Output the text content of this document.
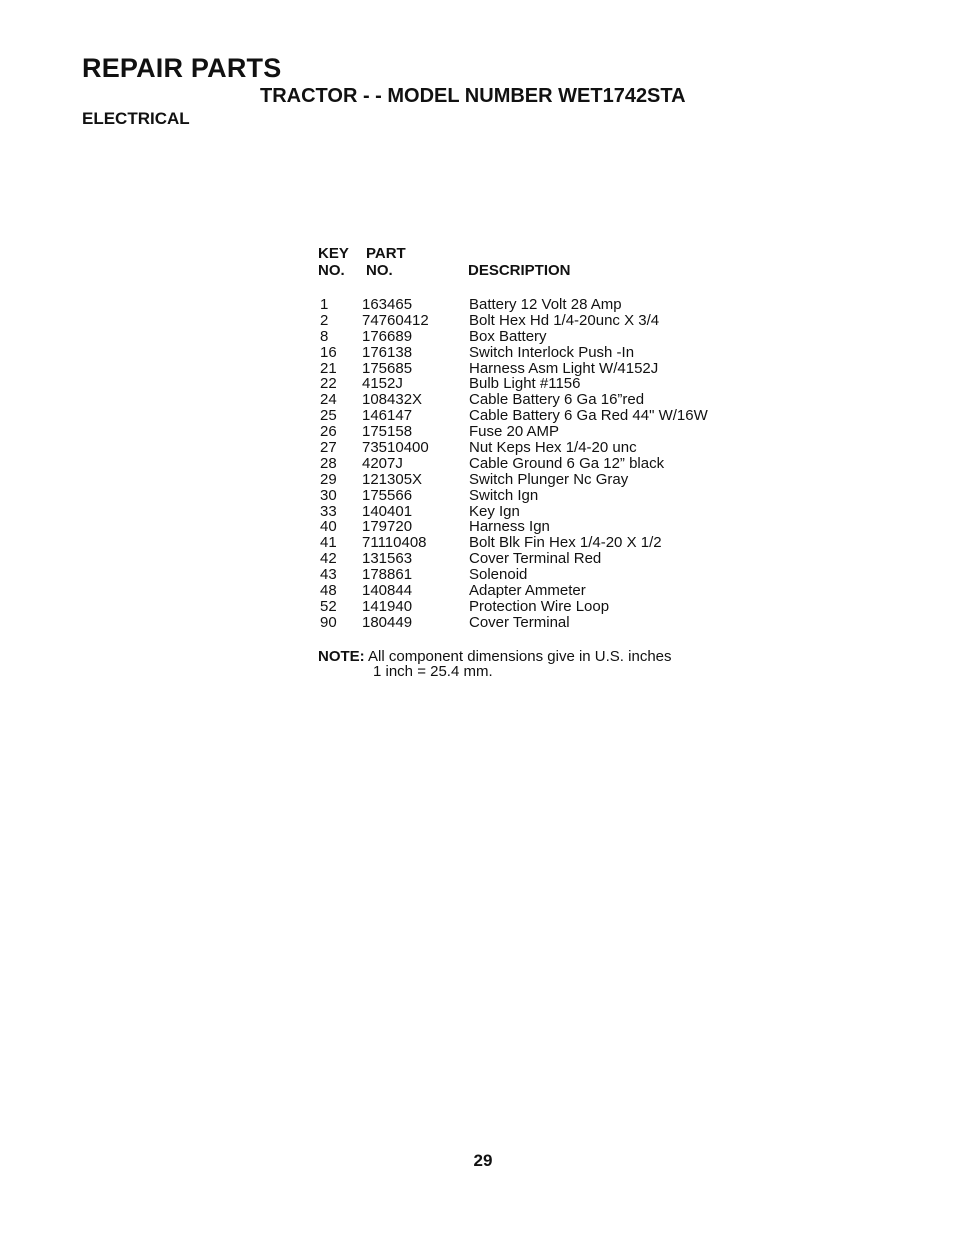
REPAIR PARTS
TRACTOR - - MODEL NUMBER WET1742STA
ELECTRICAL
KEY
NO.
PART
NO.	DESCRIPTION
1 163465	Battery 12 Volt 28 Amp
2 74760412	Bolt Hex Hd 1/4-20unc X 3/4
8 176689	Box Battery
16 176138	Switch Interlock Push -In
21 175685	Harness Asm Light W/4152J
22 4152J	Bulb Light #1156
24 108432X	Cable Battery 6 Ga 16”red
25 146147	Cable Battery 6 Ga Red 44" W/16W
26 175158	Fuse 20 AMP
27 73510400	Nut Keps Hex 1/4-20 unc
28 4207J	Cable Ground 6 Ga 12” black
29 121305X	Switch Plunger Nc Gray
30 175566	Switch Ign
33 140401	Key Ign
40 179720	Harness Ign
41 71110408	Bolt Blk Fin Hex 1/4-20 X 1/2
42 131563	Cover Terminal Red
43 178861	Solenoid
48 140844	Adapter Ammeter
52 141940	Protection Wire Loop
90 180449	Cover Terminal
NOTE: All component dimensions give in U.S. inches
1 inch = 25.4 mm.
29
